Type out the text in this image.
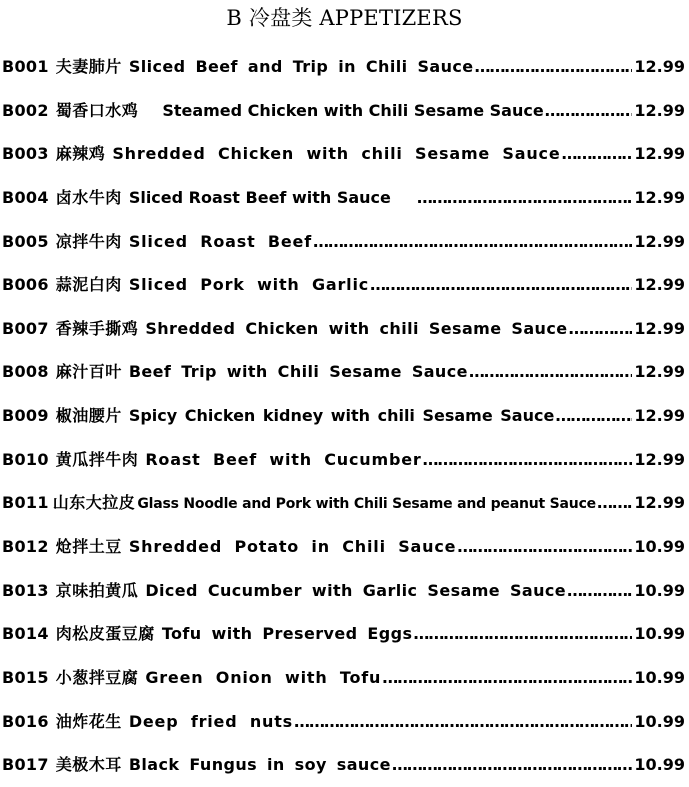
B 冷盘类 APPETIZERS
B001 夫妻肺片 Sliced Beef and Trip in Chili Sauce ……………………………………………………………………………………………………………………………………………………………………	12.99
B002 蜀香口水鸡 Steamed Chicken with Chili Sesame Sauce ……………………………………………………………………………………………………………………………………………………………………	12.99
B003 麻辣鸡 Shredded Chicken with chili Sesame Sauce ……………………………………………………………………………………………………………………………………………………………………	12.99
B004 卤水牛肉 Sliced Roast Beef with Sauce ……………………………………………………………………………………………………………………………………………………………………	12.99
B005 凉拌牛肉 Sliced Roast Beef ……………………………………………………………………………………………………………………………………………………………………	12.99
B006 蒜泥白肉 Sliced Pork with Garlic ……………………………………………………………………………………………………………………………………………………………………	12.99
B007 香辣手撕鸡 Shredded Chicken with chili Sesame Sauce ……………………………………………………………………………………………………………………………………………………………………	12.99
B008 麻汁百叶 Beef Trip with Chili Sesame Sauce ……………………………………………………………………………………………………………………………………………………………………	12.99
B009 椒油腰片 Spicy Chicken kidney with chili Sesame Sauce ……………………………………………………………………………………………………………………………………………………………………	12.99
B010 黄瓜拌牛肉 Roast Beef with Cucumber ……………………………………………………………………………………………………………………………………………………………………	12.99
B011 山东大拉皮 Glass Noodle and Pork with Chili Sesame and peanut Sauce …………………………………………………………………………………………………………………………………………………………………… 12.99
B012 炝拌土豆 Shredded Potato in Chili Sauce ……………………………………………………………………………………………………………………………………………………………………	10.99
B013 京味拍黄瓜 Diced Cucumber with Garlic Sesame Sauce ……………………………………………………………………………………………………………………………………………………………………	10.99
B014 肉松皮蛋豆腐 Tofu with Preserved Eggs ……………………………………………………………………………………………………………………………………………………………………	10.99
B015 小葱拌豆腐 Green Onion with Tofu ……………………………………………………………………………………………………………………………………………………………………	10.99
B016 油炸花生 Deep fried nuts ……………………………………………………………………………………………………………………………………………………………………	10.99
B017 美极木耳 Black Fungus in soy sauce ……………………………………………………………………………………………………………………………………………………………………	10.99
